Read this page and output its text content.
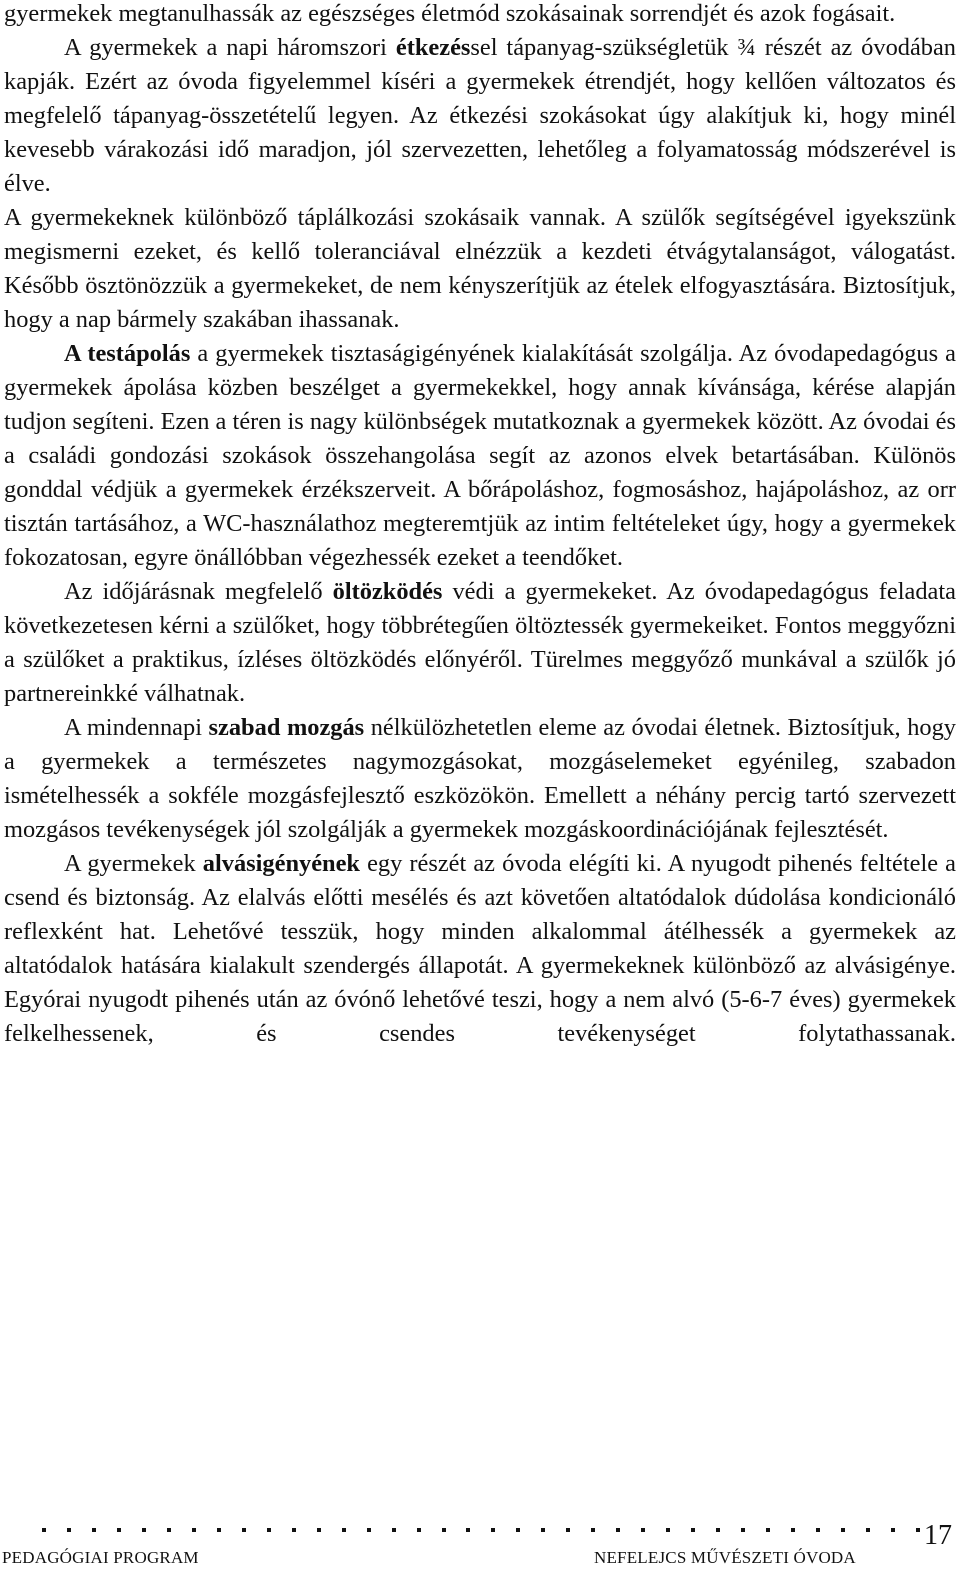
gyermekek megtanulhassák az egészséges életmód szokásainak sorrendjét és azok fogásait.

A gyermekek a napi háromszori étkezéssel tápanyag-szükségletük ¾ részét az óvodában kapják. Ezért az óvoda figyelemmel kíséri a gyermekek étrendjét, hogy kellően változatos és megfelelő tápanyag-összetételű legyen. Az étkezési szokásokat úgy alakítjuk ki, hogy minél kevesebb várakozási idő maradjon, jól szervezetten, lehetőleg a folyamatosság módszerével is élve.

A gyermekeknek különböző táplálkozási szokásaik vannak. A szülők segítségével igyekszünk megismerni ezeket, és kellő toleranciával elnézzük a kezdeti étvágytalanságot, válogatást. Később ösztönözzük a gyermekeket, de nem kényszerítjük az ételek elfogyasztására. Biztosítjuk, hogy a nap bármely szakában ihassanak.

A testápolás a gyermekek tisztaságigényének kialakítását szolgálja. Az óvodapedagógus a gyermekek ápolása közben beszélget a gyermekekkel, hogy annak kívánsága, kérése alapján tudjon segíteni. Ezen a téren is nagy különbségek mutatkoznak a gyermekek között. Az óvodai és a családi gondozási szokások összehangolása segít az azonos elvek betartásában. Különös gonddal védjük a gyermekek érzékszerveit. A bőrápoláshoz, fogmosáshoz, hajápoláshoz, az orr tisztán tartásához, a WC-használathoz megteremtjük az intim feltételeket úgy, hogy a gyermekek fokozatosan, egyre önállóbban végezhessék ezeket a teendőket.

Az időjárásnak megfelelő öltözködés védi a gyermekeket. Az óvodapedagógus feladata következetesen kérni a szülőket, hogy többrétegűen öltöztessék gyermekeiket. Fontos meggyőzni a szülőket a praktikus, ízléses öltözködés előnyéről. Türelmes meggyőző munkával a szülők jó partnereinkké válhatnak.

A mindennapi szabad mozgás nélkülözhetetlen eleme az óvodai életnek. Biztosítjuk, hogy a gyermekek a természetes nagymozgásokat, mozgáselemeket egyénileg, szabadon ismételhessék a sokféle mozgásfejlesztő eszközökön. Emellett a néhány percig tartó szervezett mozgásos tevékenységek jól szolgálják a gyermekek mozgáskoordinációjának fejlesztését.

A gyermekek alvásigényének egy részét az óvoda elégíti ki. A nyugodt pihenés feltétele a csend és biztonság. Az elalvás előtti mesélés és azt követően altatódalok dúdolása kondicionáló reflexként hat. Lehetővé tesszük, hogy minden alkalommal átélhessék a gyermekek az altatódalok hatására kialakult szendergés állapotát. A gyermekeknek különböző az alvásigénye. Egyórai nyugodt pihenés után az óvónő lehetővé teszi, hogy a nem alvó (5-6-7 éves) gyermekek felkelhessenek, és csendes tevékenységet folytathassanak.

17
PEDAGÓGIAI PROGRAM	NEFELEJCS MŰVÉSZETI ÓVODA
